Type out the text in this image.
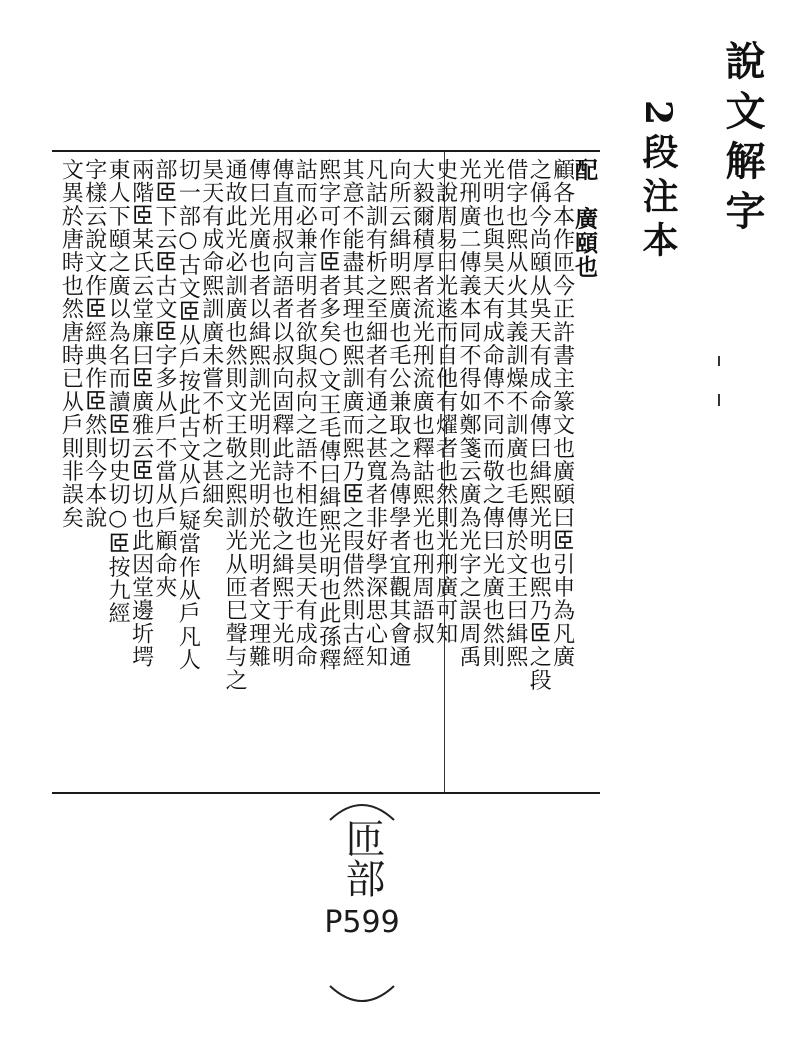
說文解字
2段注本
配　廣頤也
顧各本作匝今正許書主篆文也廣頤曰𦣞引申為凡廣
之偁今尚頤从吳天有成命傳曰緝熙光明也熙乃𦣞之段
借字也熙从火其義訓燥不訓廣也毛傳於文王曰緝熙
光明也與昊天有成命傳不同而敬之傳曰光廣也然則
光𠛬廣二傳義本同不得如鄭箋云廣為光字之誤周禹
史說周易曰光逺而自他有燿者也然則光𠛬廣可知
大毅爾積厚者流光𠛬流廣也釋詁熙光也𠛬周語叔
向所云緝明熙廣也毛公兼取之為傳學者宜觀其會通
凡詁訓有析之至細者有通之甚寬者非好學深思心知
其意不能盡其理也熙訓廣而熙乃𦣞之叚借然則古經
熙字可作𦣞者多矣○文王毛傳曰緝熙光明也此孫釋
詁而必兼言明者欲與叔向之語不相迕也昊天有成命
傳直用叔向語者以叔向固釋此詩也敬之緝熙于光明
傳曰光廣也者以緝熙訓光明則光明於光明者文理難
通故此光必訓廣也然則文王敬之熙訓光从匝巳聲与之
昊天有成命熙訓廣未嘗不析之甚細矣
切一部○古文𦣞从戶按此古文从戶疑當作从戶凡人
部𦣞下云𦣞古文𦣞字多从戶不當从戶顧命夾
兩階𦣞某氏云堂廉曰𦣞廣雅云𦣞切也此因堂邊圻堮
東人下頤之廣以為名而讀𦣞切史切○𦣞按九經
字樣云說文作𦣞經典作𦣞然則今本說
文異於唐時也然唐時已从戶則非誤矣
匝部
P599
